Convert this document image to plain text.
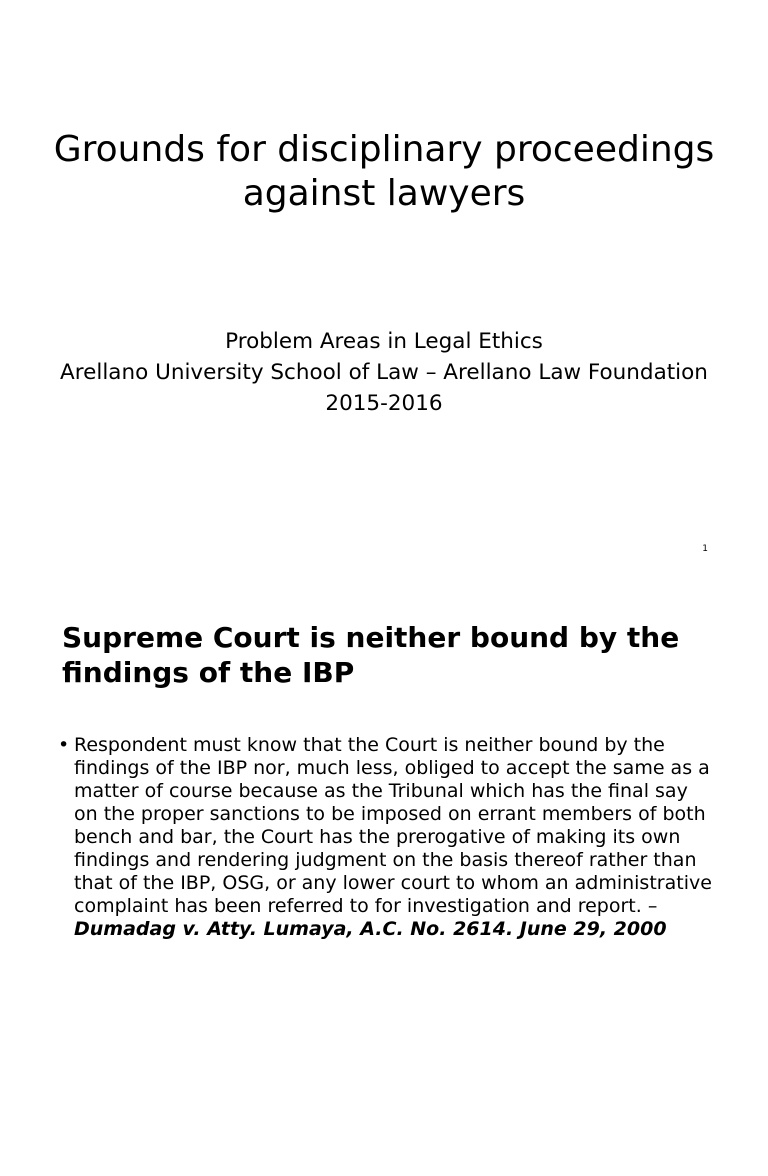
Grounds for disciplinary proceedings against lawyers
Problem Areas in Legal Ethics
Arellano University School of Law – Arellano Law Foundation
2015-2016
1
Supreme Court is neither bound by the findings of the IBP
• Respondent must know that the Court is neither bound by the findings of the IBP nor, much less, obliged to accept the same as a matter of course because as the Tribunal which has the final say on the proper sanctions to be imposed on errant members of both bench and bar, the Court has the prerogative of making its own findings and rendering judgment on the basis thereof rather than that of the IBP, OSG, or any lower court to whom an administrative complaint has been referred to for investigation and report. – Dumadag v. Atty. Lumaya, A.C. No. 2614. June 29, 2000
